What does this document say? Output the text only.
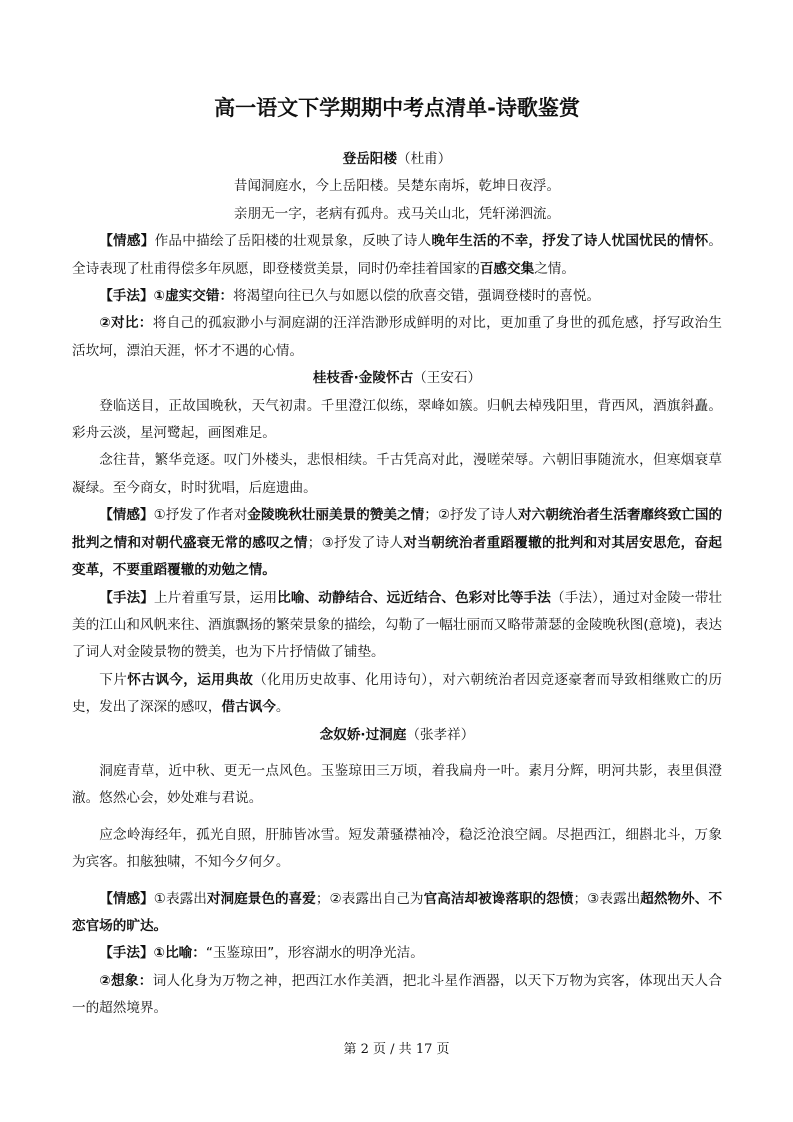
高一语文下学期期中考点清单-诗歌鉴赏

登岳阳楼（杜甫）

昔闻洞庭水，今上岳阳楼。吴楚东南坼，乾坤日夜浮。

亲朋无一字，老病有孤舟。戎马关山北，凭轩涕泗流。

【情感】作品中描绘了岳阳楼的壮观景象，反映了诗人晚年生活的不幸，抒发了诗人忧国忧民的情怀。全诗表现了杜甫得偿多年夙愿，即登楼赏美景，同时仍牵挂着国家的百感交集之情。

【手法】①虚实交错：将渴望向往已久与如愿以偿的欣喜交错，强调登楼时的喜悦。

②对比：将自己的孤寂渺小与洞庭湖的汪洋浩渺形成鲜明的对比，更加重了身世的孤危感，抒写政治生活坎坷，漂泊天涯，怀才不遇的心情。

桂枝香·金陵怀古（王安石）

登临送目，正故国晚秋，天气初肃。千里澄江似练，翠峰如簇。归帆去棹残阳里，背西风，酒旗斜矗。彩舟云淡，星河鹭起，画图难足。

念往昔，繁华竞逐。叹门外楼头，悲恨相续。千古凭高对此，漫嗟荣辱。六朝旧事随流水，但寒烟衰草凝绿。至今商女，时时犹唱，后庭遗曲。

【情感】①抒发了作者对金陵晚秋壮丽美景的赞美之情；②抒发了诗人对六朝统治者生活奢靡终致亡国的批判之情和对朝代盛衰无常的感叹之情；③抒发了诗人对当朝统治者重蹈覆辙的批判和对其居安思危，奋起变革，不要重蹈覆辙的劝勉之情。

【手法】上片着重写景，运用比喻、动静结合、远近结合、色彩对比等手法（手法），通过对金陵一带壮美的江山和风帆来往、酒旗飘扬的繁荣景象的描绘，勾勒了一幅壮丽而又略带萧瑟的金陵晚秋图(意境)，表达了词人对金陵景物的赞美，也为下片抒情做了铺垫。

下片怀古讽今，运用典故（化用历史故事、化用诗句），对六朝统治者因竞逐豪奢而导致相继败亡的历史，发出了深深的感叹，借古讽今。

念奴娇·过洞庭（张孝祥）

洞庭青草，近中秋、更无一点风色。玉鉴琼田三万顷，着我扁舟一叶。素月分辉，明河共影，表里俱澄澈。悠然心会，妙处难与君说。

应念岭海经年，孤光自照，肝肺皆冰雪。短发萧骚襟袖冷，稳泛沧浪空阔。尽挹西江，细斟北斗，万象为宾客。扣舷独啸，不知今夕何夕。

【情感】①表露出对洞庭景色的喜爱；②表露出自己为官高洁却被谗落职的怨愤；③表露出超然物外、不恋官场的旷达。

【手法】①比喻：“玉鉴琼田”，形容湖水的明净光洁。

②想象：词人化身为万物之神，把西江水作美酒，把北斗星作酒器，以天下万物为宾客，体现出天人合一的超然境界。

第 2 页 / 共 17 页
